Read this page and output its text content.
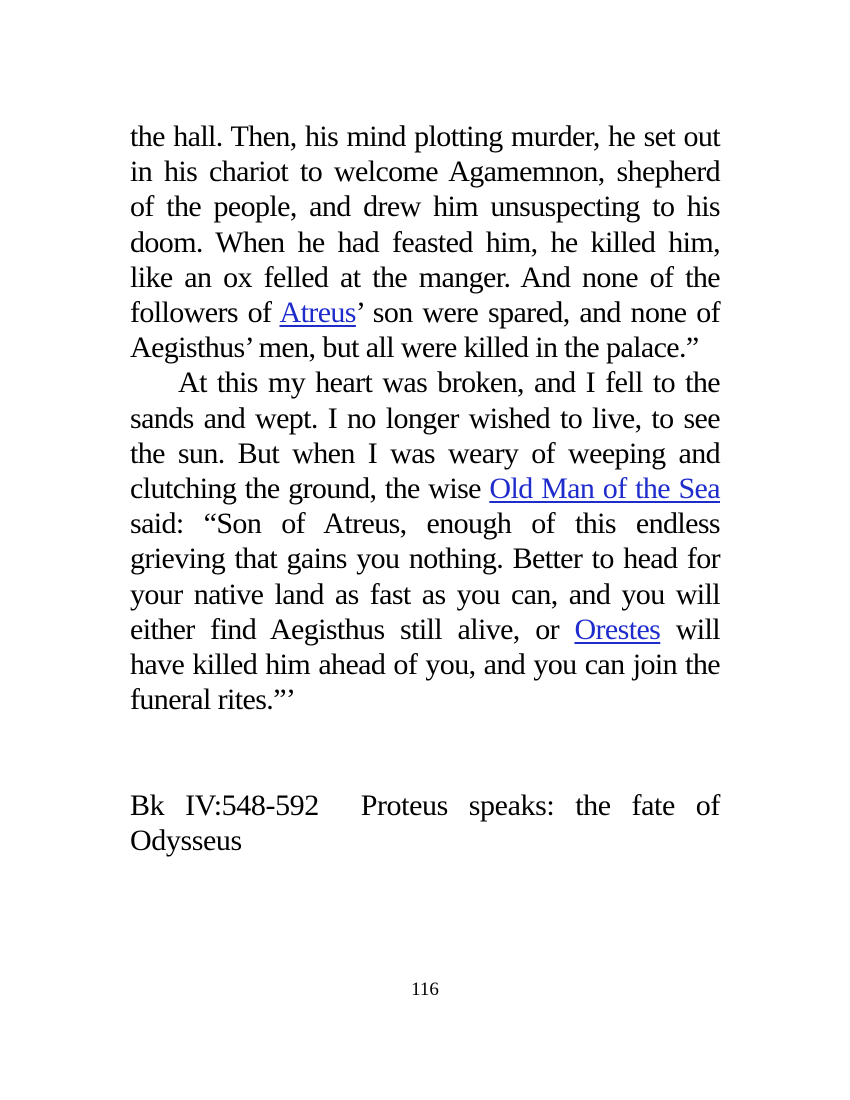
the hall. Then, his mind plotting murder, he set out in his chariot to welcome Agamemnon, shepherd of the people, and drew him unsuspecting to his doom. When he had feasted him, he killed him, like an ox felled at the manger. And none of the followers of Atreus’ son were spared, and none of Aegisthus’ men, but all were killed in the palace.”

At this my heart was broken, and I fell to the sands and wept. I no longer wished to live, to see the sun. But when I was weary of weeping and clutching the ground, the wise Old Man of the Sea said: “Son of Atreus, enough of this endless grieving that gains you nothing. Better to head for your native land as fast as you can, and you will either find Aegisthus still alive, or Orestes will have killed him ahead of you, and you can join the funeral rites.”’

Bk IV:548-592 Proteus speaks: the fate of Odysseus
116
